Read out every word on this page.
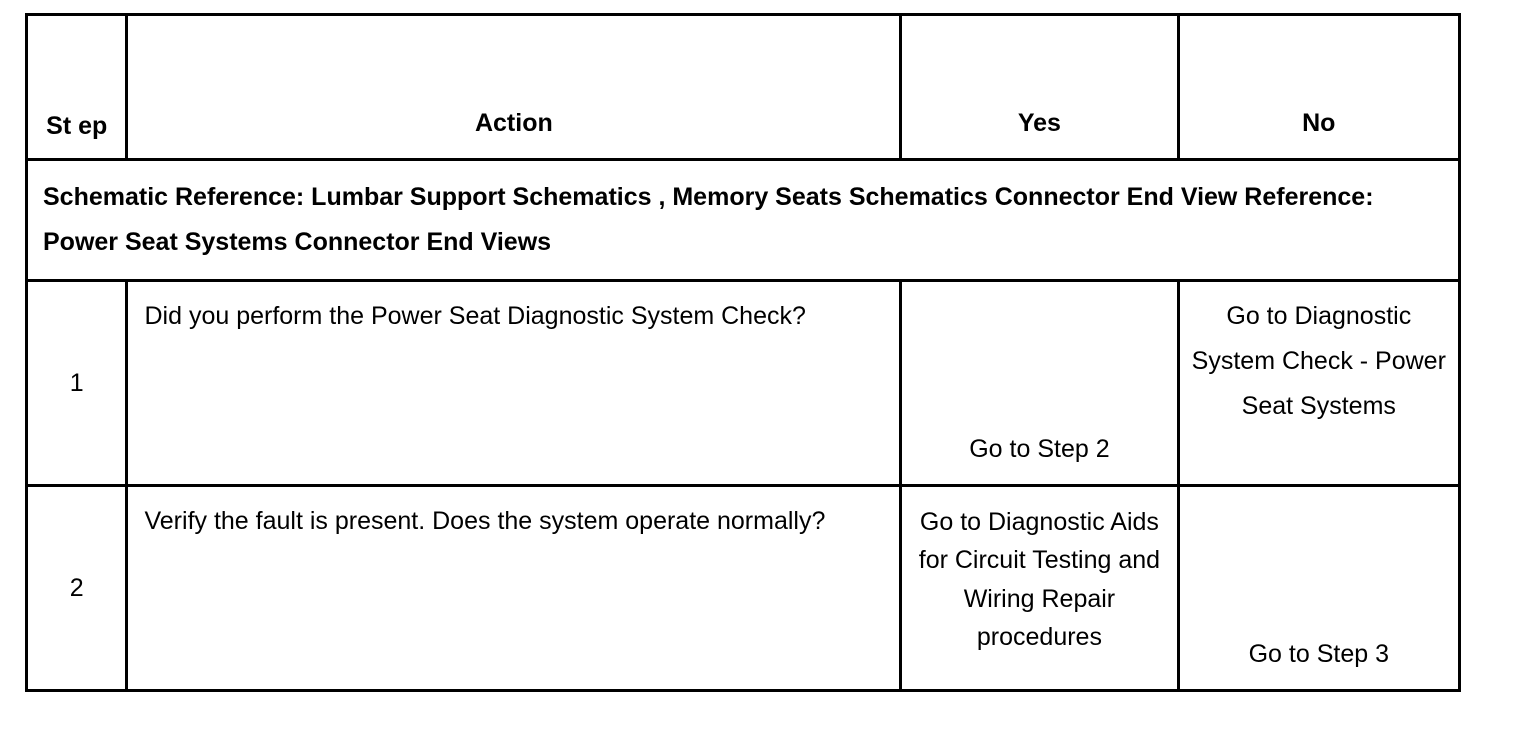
St ep	Action	Yes	No
Schematic Reference: Lumbar Support Schematics , Memory Seats Schematics Connector End View Reference: Power Seat Systems Connector End Views			
1	Did you perform the Power Seat Diagnostic System Check?	Go to Step 2	Go to Diagnostic System Check - Power Seat Systems
2	Verify the fault is present. Does the system operate normally?	Go to Diagnostic Aids for Circuit Testing and Wiring Repair procedures	Go to Step 3
